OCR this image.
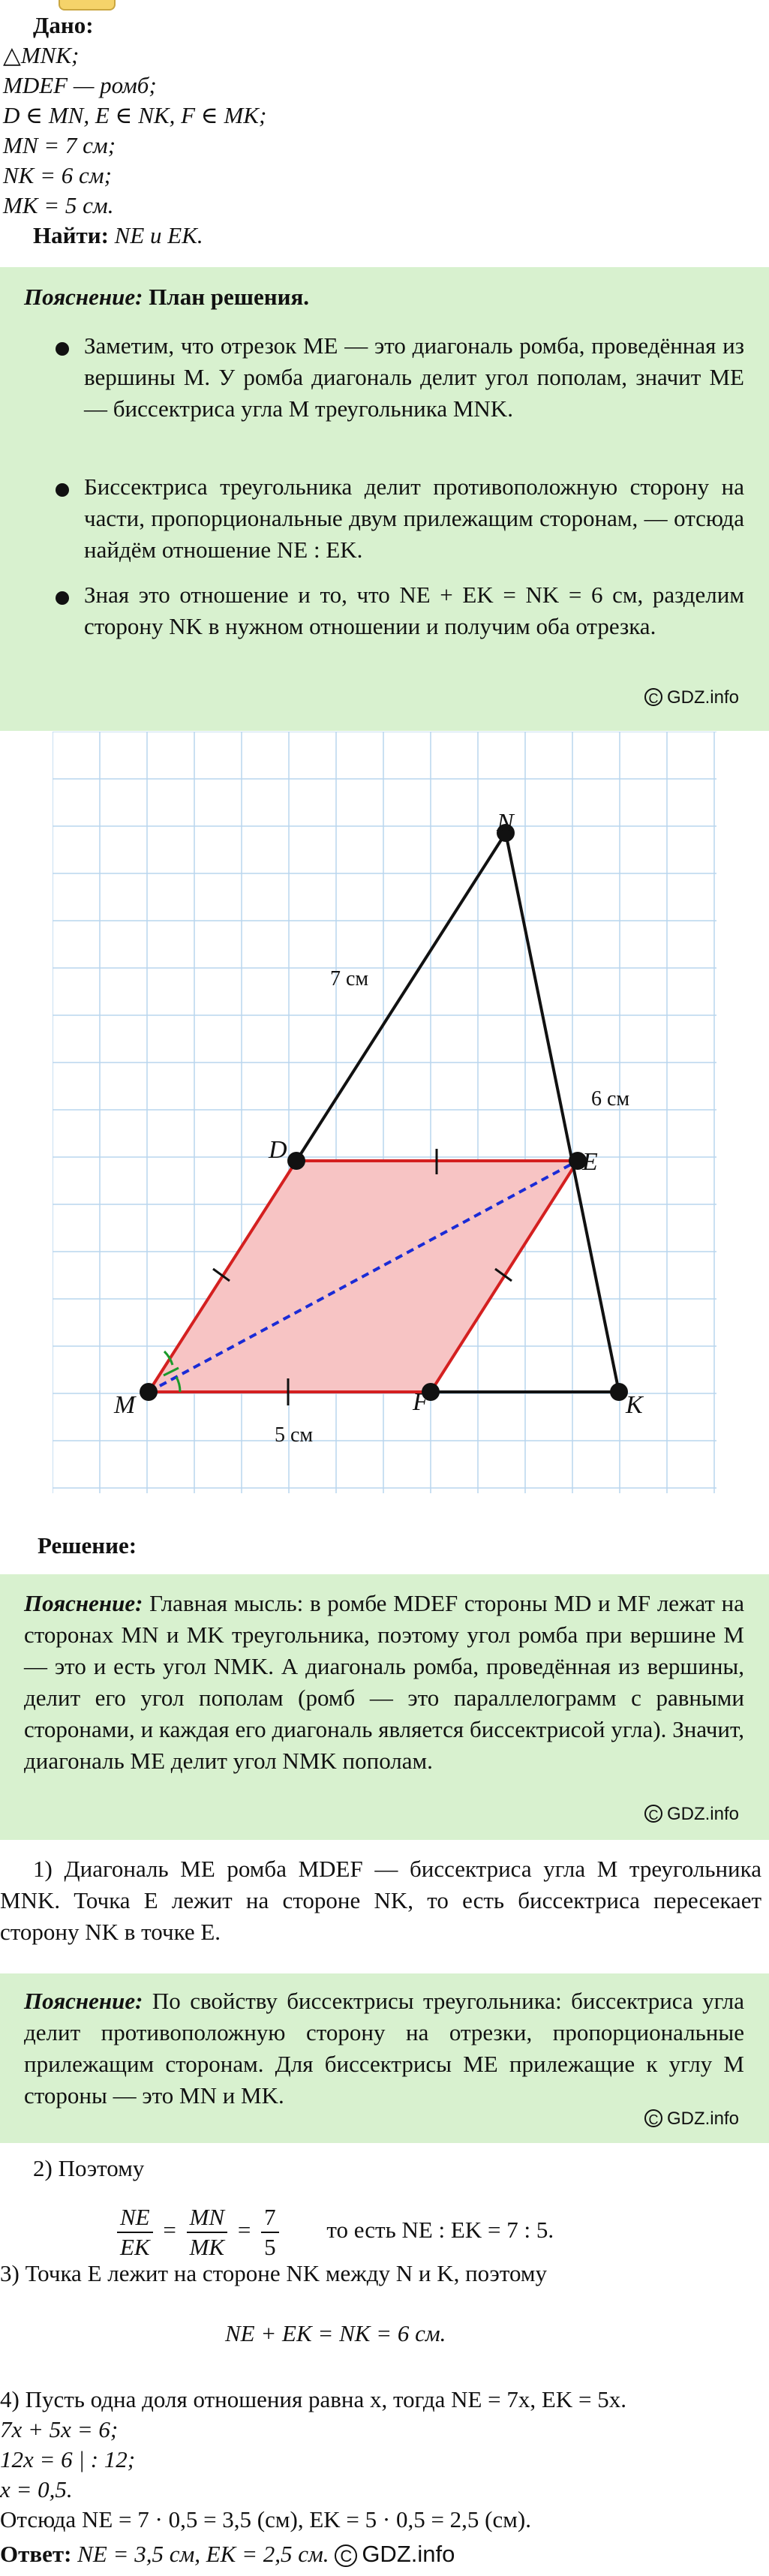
Дано:
△MNK;
MDEF — ромб;
D ∈ MN, E ∈ NK, F ∈ MK;
MN = 7 см;
NK = 6 см;
MK = 5 см.
Найти: NE и EK.
Пояснение: План решения.
Заметим, что отрезок ME — это диагональ ромба, проведённая из вершины M. У ромба диагональ делит угол пополам, значит ME — биссектриса угла M треугольника MNK.
Биссектриса треугольника делит противоположную сторону на части, пропорциональные двум прилежащим сторонам, — отсюда найдём отношение NE : EK.
Зная это отношение и то, что NE + EK = NK = 6 см, разделим сторону NK в нужном отношении и получим оба отрезка.
C GDZ.info
M
D	E
F
N
K
7 см
6 см
5 см
Решение:
Пояснение: Главная мысль: в ромбе MDEF стороны MD и MF лежат на сторонах MN и MK треугольника, поэтому угол ромба при вершине M — это и есть угол NMK. А диагональ ромба, проведённая из вершины, делит его угол пополам (ромб — это параллелограмм с равными сторонами, и каждая его диагональ является биссектрисой угла). Значит, диагональ ME делит угол NMK пополам.
C GDZ.info
1) Диагональ ME ромба MDEF — биссектриса угла M треугольника MNK. Точка E лежит на стороне NK, то есть биссектриса пересекает сторону NK в точке E.
Пояснение: По свойству биссектрисы треугольника: биссектриса угла делит противоположную сторону на отрезки, пропорциональные прилежащим сторонам. Для биссектрисы ME прилежащие к углу M стороны — это MN и MK.
C GDZ.info
2) Поэтому
$\frac{NE}{EK} = \frac{MN}{MK} = \frac{7}{5}$ то есть NE : EK = 7 : 5.
3) Точка E лежит на стороне NK между N и K, поэтому
NE + EK = NK = 6 см.
4) Пусть одна доля отношения равна x, тогда NE = 7x, EK = 5x.
7x + 5x = 6;
12x = 6 | : 12;
x = 0,5.
Отсюда NE = 7 · 0,5 = 3,5 (см), EK = 5 · 0,5 = 2,5 (см).
Ответ: NE = 3,5 см, EK = 2,5 см. C GDZ.info
